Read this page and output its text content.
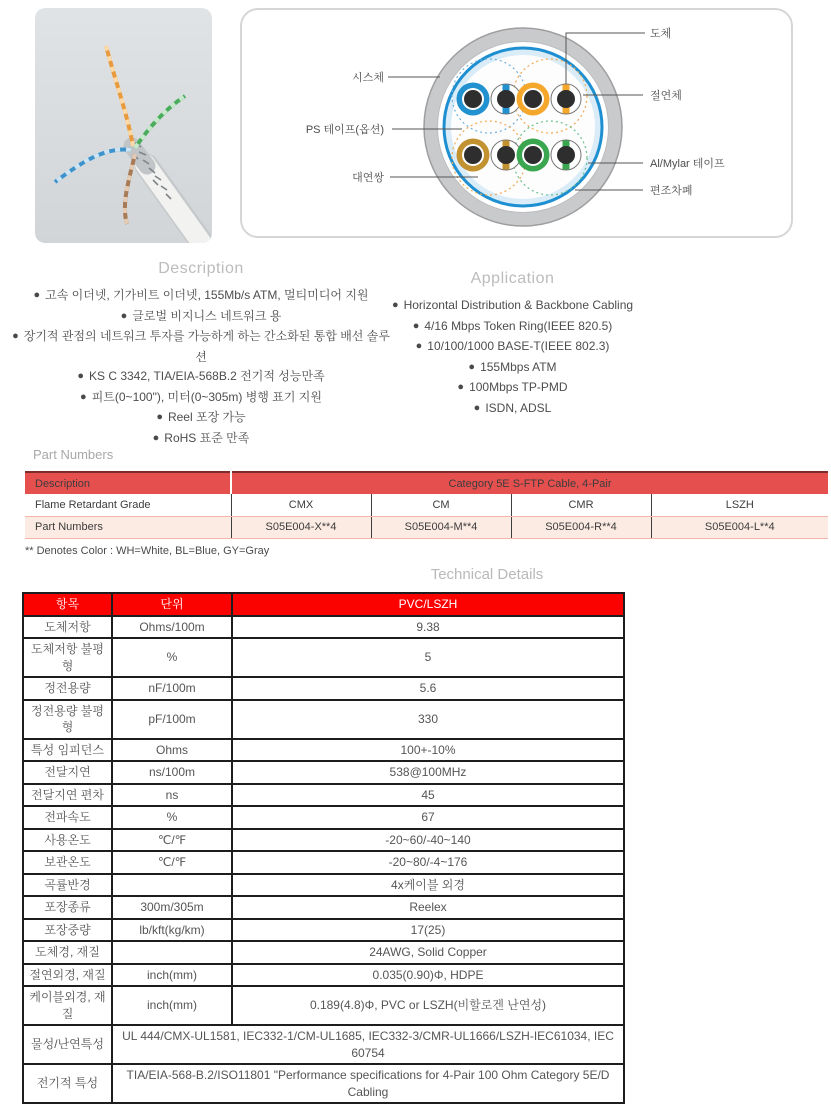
시스체
PS 테이프(옵션)
대연쌍
도체
절연체
Al/Mylar 테이프
편조차폐
Description
● 고속 이더넷, 기가비트 이더넷, 155Mb/s ATM, 멀티미디어 지원
● 글로벌 비지니스 네트워크 용
● 장기적 관점의 네트워크 투자를 가능하게 하는 간소화된 통합 배선 솔루션
● KS C 3342, TIA/EIA-568B.2 전기적 성능만족
● 피트(0~100"), 미터(0~305m) 병행 표기 지원
● Reel 포장 가능
● RoHS 표준 만족
Application
● Horizontal Distribution & Backbone Cabling
● 4/16 Mbps Token Ring(IEEE 820.5)
● 10/100/1000 BASE-T(IEEE 802.3)
● 155Mbps ATM
● 100Mbps TP-PMD
● ISDN, ADSL
Part Numbers
Description	Category 5E S-FTP Cable, 4-Pair			
Flame Retardant Grade	CMX	CM	CMR	LSZH
Part Numbers	S05E004-X**4	S05E004-M**4	S05E004-R**4	S05E004-L**4
** Denotes Color : WH=White, BL=Blue, GY=Gray
Technical Details
항목	단위	PVC/LSZH
도체저항	Ohms/100m	9.38
도체저항 불평형	%	5
정전용량	nF/100m	5.6
정전용량 불평형	pF/100m	330
특성 임피던스	Ohms	100+-10%
전달지연	ns/100m	538@100MHz
전달지연 편차	ns	45
전파속도	%	67
사용온도	℃/℉	-20~60/-40~140
보관온도	℃/℉	-20~80/-4~176
곡률반경		4x케이블 외경
포장종류	300m/305m	Reelex
포장중량	lb/kft(kg/km)	17(25)
도체경, 재질		24AWG, Solid Copper
절연외경, 재질	inch(mm)	0.035(0.90)Φ, HDPE
케이블외경, 재질	inch(mm)	0.189(4.8)Φ, PVC or LSZH(비할로겐 난연성)
물성/난연특성	UL 444/CMX-UL1581, IEC332-1/CM-UL1685, IEC332-3/CMR-UL1666/LSZH-IEC61034, IEC 60754	
전기적 특성	TIA/EIA-568-B.2/ISO11801 "Performance specifications for 4-Pair 100 Ohm Category 5E/D Cabling	
